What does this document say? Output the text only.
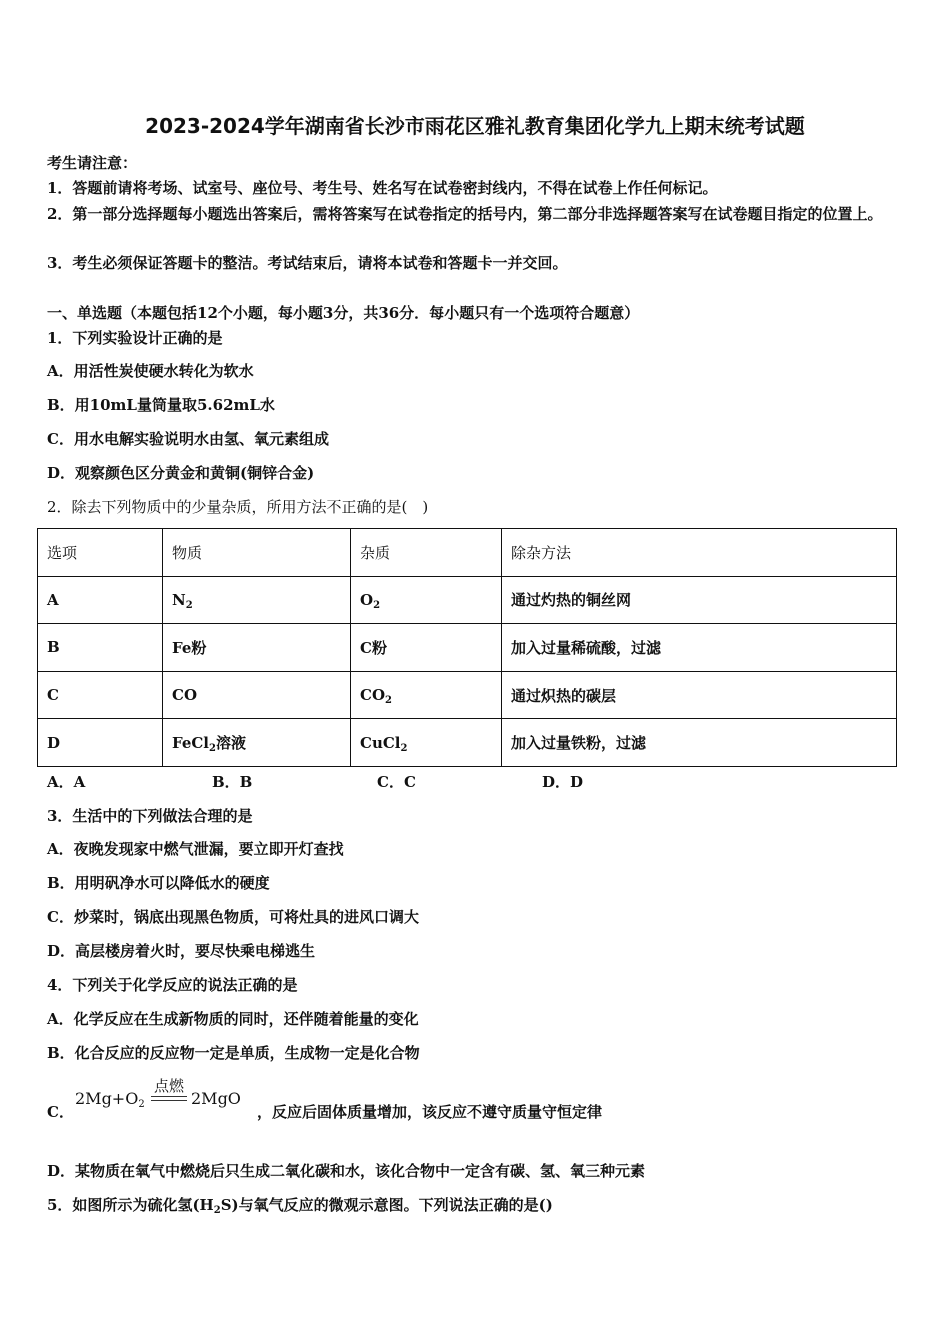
2023-2024学年湖南省长沙市雨花区雅礼教育集团化学九上期末统考试题
考生请注意：
1．答题前请将考场、试室号、座位号、考生号、姓名写在试卷密封线内，不得在试卷上作任何标记。
2．第一部分选择题每小题选出答案后，需将答案写在试卷指定的括号内，第二部分非选择题答案写在试卷题目指定的位置上。
3．考生必须保证答题卡的整洁。考试结束后，请将本试卷和答题卡一并交回。
一、单选题（本题包括12个小题，每小题3分，共36分．每小题只有一个选项符合题意）
1．下列实验设计正确的是
A．用活性炭使硬水转化为软水
B．用10mL量筒量取5.62mL水
C．用水电解实验说明水由氢、氧元素组成
D．观察颜色区分黄金和黄铜(铜锌合金)
2．除去下列物质中的少量杂质，所用方法不正确的是(　)
选项	物质	杂质	除杂方法
A	$N_2$	$O_2$	通过灼热的铜丝网
B	Fe粉	C粉	加入过量稀硫酸，过滤
C	CO	$CO_2$	通过炽热的碳层
D	FeCl$_2$溶液	CuCl$_2$	加入过量铁粉，过滤
A．A	B．B	C．C	D．D
3．生活中的下列做法合理的是
A．夜晚发现家中燃气泄漏，要立即开灯查找
B．用明矾净水可以降低水的硬度
C．炒菜时，锅底出现黑色物质，可将灶具的进风口调大
D．高层楼房着火时，要尽快乘电梯逃生
4．下列关于化学反应的说法正确的是
A．化学反应在生成新物质的同时，还伴随着能量的变化
B．化合反应的反应物一定是单质，生成物一定是化合物
C．
$2Mg+O_2$
点燃
2MgO
，反应后固体质量增加，该反应不遵守质量守恒定律
D．某物质在氧气中燃烧后只生成二氧化碳和水，该化合物中一定含有碳、氢、氧三种元素
5．如图所示为硫化氢$(H_2S)$与氧气反应的微观示意图。下列说法正确的是()
